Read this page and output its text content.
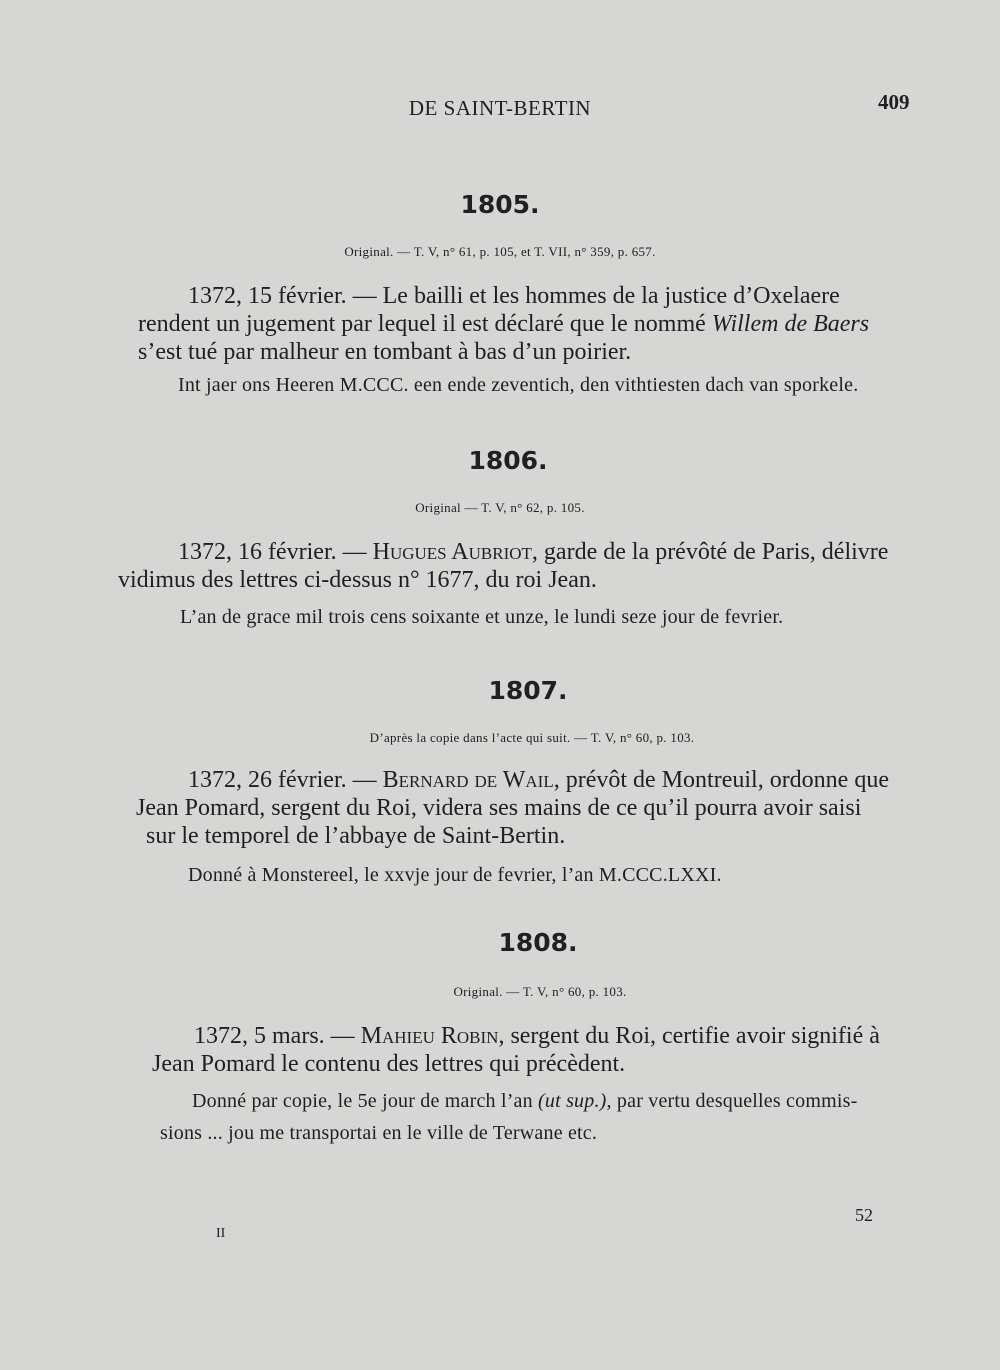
DE SAINT-BERTIN	409
1805.
Original. — T. V, n° 61, p. 105, et T. VII, n° 359, p. 657.
1372, 15 février. — Le bailli et les hommes de la justice d’Oxelaere
rendent un jugement par lequel il est déclaré que le nommé Willem de Baers
s’est tué par malheur en tombant à bas d’un poirier.
Int jaer ons Heeren M.CCC. een ende zeventich, den vithtiesten dach van sporkele.
1806.
Original — T. V, n° 62, p. 105.
1372, 16 février. — Hugues Aubriot, garde de la prévôté de Paris, délivre
vidimus des lettres ci-dessus n° 1677, du roi Jean.
L’an de grace mil trois cens soixante et unze, le lundi seze jour de fevrier.
1807.
D’après la copie dans l’acte qui suit. — T. V, n° 60, p. 103.
1372, 26 février. — Bernard de Wail, prévôt de Montreuil, ordonne que
Jean Pomard, sergent du Roi, videra ses mains de ce qu’il pourra avoir saisi
sur le temporel de l’abbaye de Saint-Bertin.
Donné à Monstereel, le xxvje jour de fevrier, l’an M.CCC.LXXI.
1808.
Original. — T. V, n° 60, p. 103.
1372, 5 mars. — Mahieu Robin, sergent du Roi, certifie avoir signifié à
Jean Pomard le contenu des lettres qui précèdent.
Donné par copie, le 5e jour de march l’an (ut sup.), par vertu desquelles commis-
sions ... jou me transportai en le ville de Terwane etc.
52
II
